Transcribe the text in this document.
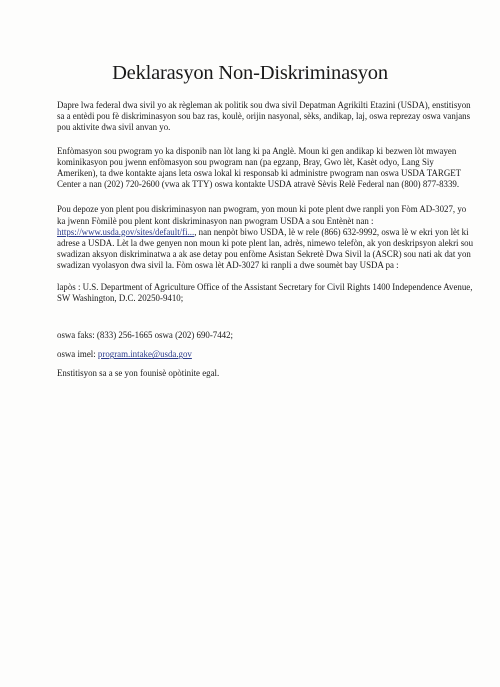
Deklarasyon Non-Diskriminasyon

Dapre lwa federal dwa sivil yo ak règleman ak politik sou dwa sivil Depatman Agrikilti Etazini (USDA), enstitisyon sa a entèdi pou fè diskriminasyon sou baz ras, koulè, orijin nasyonal, sèks, andikap, laj, oswa reprezay oswa vanjans pou aktivite dwa sivil anvan yo.

Enfòmasyon sou pwogram yo ka disponib nan lòt lang ki pa Anglè. Moun ki gen andikap ki bezwen lòt mwayen kominikasyon pou jwenn enfòmasyon sou pwogram nan (pa egzanp, Bray, Gwo lèt, Kasèt odyo, Lang Siy Ameriken), ta dwe kontakte ajans leta oswa lokal ki responsab ki administre pwogram nan oswa USDA TARGET Center a nan (202) 720-2600 (vwa ak TTY) oswa kontakte USDA atravè Sèvis Relè Federal nan (800) 877-8339.

Pou depoze yon plent pou diskriminasyon nan pwogram, yon moun ki pote plent dwe ranpli yon Fòm AD-3027, yo ka jwenn Fòmilè pou plent kont diskriminasyon nan pwogram USDA a sou Entènèt nan : https://www.usda.gov/sites/default/fi..., nan nenpòt biwo USDA, lè w rele (866) 632-9992, oswa lè w ekri yon lèt ki adrese a USDA. Lèt la dwe genyen non moun ki pote plent lan, adrès, nimewo telefòn, ak yon deskripsyon alekri sou swadizan aksyon diskriminatwa a ak ase detay pou enfòme Asistan Sekretè Dwa Sivil la (ASCR) sou nati ak dat yon swadizan vyolasyon dwa sivil la. Fòm oswa lèt AD-3027 ki ranpli a dwe soumèt bay USDA pa :

lapòs : U.S. Department of Agriculture Office of the Assistant Secretary for Civil Rights 1400 Independence Avenue, SW Washington, D.C. 20250-9410;

oswa faks: (833) 256-1665 oswa (202) 690-7442;

oswa imel: program.intake@usda.gov

Enstitisyon sa a se yon founisè opòtinite egal.
